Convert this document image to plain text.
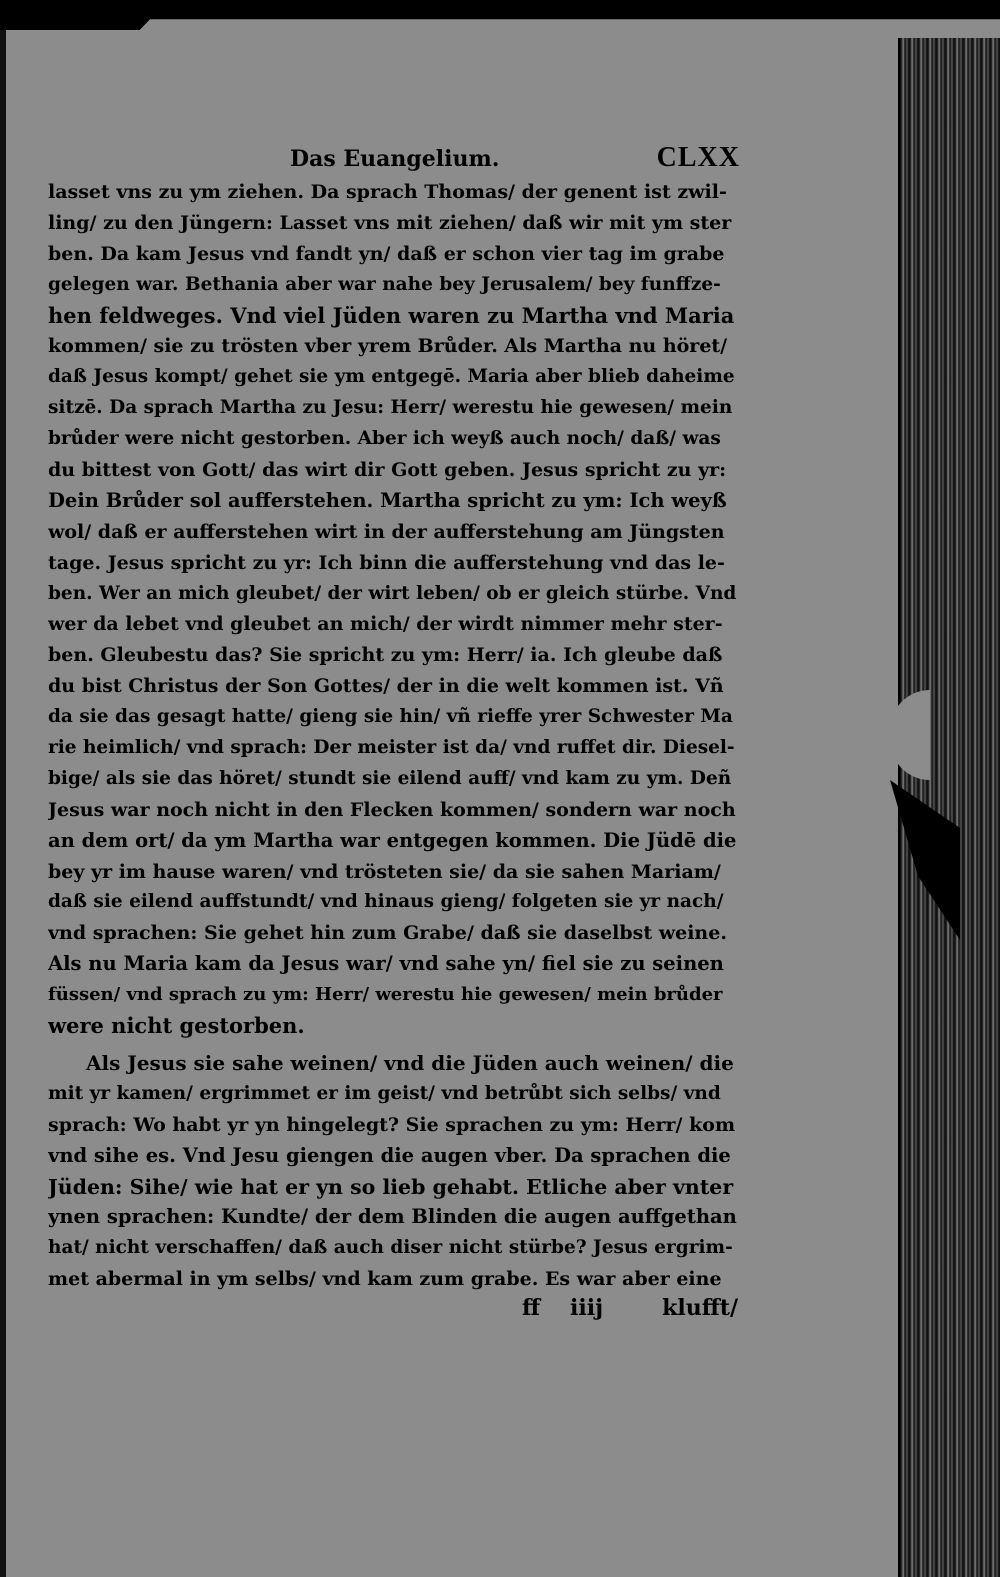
Das Euangelium.	CLXX
lasset vns zu ym ziehen. Da sprach Thomas/ der genent ist zwil-
ling/ zu den Jüngern: Lasset vns mit ziehen/ daß wir mit ym ster
ben. Da kam Jesus vnd fandt yn/ daß er schon vier tag im grabe
gelegen war. Bethania aber war nahe bey Jerusalem/ bey funffze-
hen feldweges. Vnd viel Jüden waren zu Martha vnd Maria
kommen/ sie zu trösten vber yrem Brůder. Als Martha nu höret/
daß Jesus kompt/ gehet sie ym entgegē. Maria aber blieb daheime
sitzē. Da sprach Martha zu Jesu: Herr/ werestu hie gewesen/ mein
brůder were nicht gestorben. Aber ich weyß auch noch/ daß/ was
du bittest von Gott/ das wirt dir Gott geben. Jesus spricht zu yr:
Dein Brůder sol aufferstehen. Martha spricht zu ym: Ich weyß
wol/ daß er aufferstehen wirt in der aufferstehung am Jüngsten
tage. Jesus spricht zu yr: Ich binn die aufferstehung vnd das le-
ben. Wer an mich gleubet/ der wirt leben/ ob er gleich stürbe. Vnd
wer da lebet vnd gleubet an mich/ der wirdt nimmer mehr ster-
ben. Gleubestu das? Sie spricht zu ym: Herr/ ia. Ich gleube daß
du bist Christus der Son Gottes/ der in die welt kommen ist. Vñ
da sie das gesagt hatte/ gieng sie hin/ vñ rieffe yrer Schwester Ma
rie heimlich/ vnd sprach: Der meister ist da/ vnd ruffet dir. Diesel-
bige/ als sie das höret/ stundt sie eilend auff/ vnd kam zu ym. Deñ
Jesus war noch nicht in den Flecken kommen/ sondern war noch
an dem ort/ da ym Martha war entgegen kommen. Die Jüdē die
bey yr im hause waren/ vnd trösteten sie/ da sie sahen Mariam/
daß sie eilend auffstundt/ vnd hinaus gieng/ folgeten sie yr nach/
vnd sprachen: Sie gehet hin zum Grabe/ daß sie daselbst weine.
Als nu Maria kam da Jesus war/ vnd sahe yn/ fiel sie zu seinen
füssen/ vnd sprach zu ym: Herr/ werestu hie gewesen/ mein brůder
were nicht gestorben.
Als Jesus sie sahe weinen/ vnd die Jüden auch weinen/ die
mit yr kamen/ ergrimmet er im geist/ vnd betrůbt sich selbs/ vnd
sprach: Wo habt yr yn hingelegt? Sie sprachen zu ym: Herr/ kom
vnd sihe es. Vnd Jesu giengen die augen vber. Da sprachen die
Jüden: Sihe/ wie hat er yn so lieb gehabt. Etliche aber vnter
ynen sprachen: Kundte/ der dem Blinden die augen auffgethan
hat/ nicht verschaffen/ daß auch diser nicht stürbe? Jesus ergrim-
met abermal in ym selbs/ vnd kam zum grabe. Es war aber eine
ff iiij	klufft/
